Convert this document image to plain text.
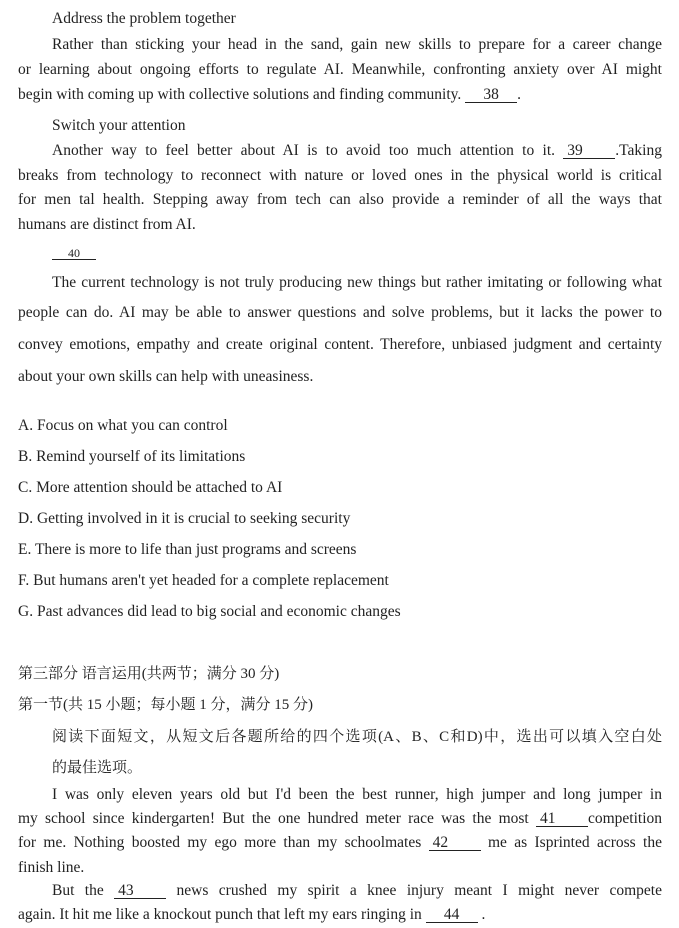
Address the problem together
Rather than sticking your head in the sand, gain new skills to prepare for a career change
or learning about ongoing efforts to regulate AI. Meanwhile, confronting anxiety over AI might
begin with coming up with collective solutions and finding community. 38 .
Switch your attention
Another way to feel better about AI is to avoid too much attention to it. 39 .Taking
breaks from technology to reconnect with nature or loved ones in the physical world is critical
for men tal health. Stepping away from tech can also provide a reminder of all the ways that
humans are distinct from AI.
40
The current technology is not truly producing new things but rather imitating or following what
people can do. AI may be able to answer questions and solve problems, but it lacks the power to
convey emotions, empathy and create original content. Therefore, unbiased judgment and certainty
about your own skills can help with uneasiness.
A. Focus on what you can control
B. Remind yourself of its limitations
C. More attention should be attached to AI
D. Getting involved in it is crucial to seeking security
E. There is more to life than just programs and screens
F. But humans aren't yet headed for a complete replacement
G. Past advances did lead to big social and economic changes
第三部分 语言运用(共两节；满分 30 分)
第一节(共 15 小题；每小题 1 分，满分 15 分)
阅读下面短文，从短文后各题所给的四个选项(A、B、C和D)中，选出可以填入空白处
的最佳选项。
I was only eleven years old but I'd been the best runner, high jumper and long jumper in
my school since kindergarten! But the one hundred meter race was the most 41 competition
for me. Nothing boosted my ego more than my schoolmates 42 me as Isprinted across the
finish line.
But the 43 news crushed my spirit a knee injury meant I might never compete
again. It hit me like a knockout punch that left my ears ringing in 44 .
